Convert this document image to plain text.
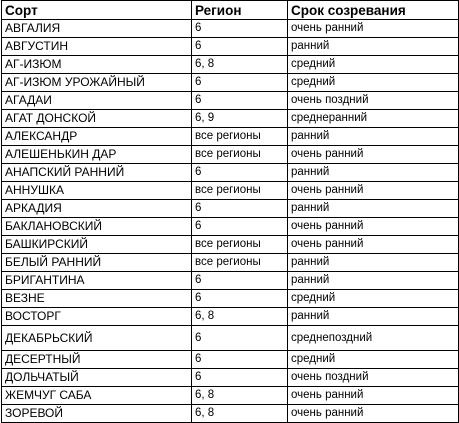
Сорт	Регион	Срок созревания
АВГАЛИЯ	6	очень ранний
АВГУСТИН	6	ранний
АГ-ИЗЮМ	6, 8	средний
АГ-ИЗЮМ УРОЖАЙНЫЙ	6	средний
АГАДАИ	6	очень поздний
АГАТ ДОНСКОЙ	6, 9	среднеранний
АЛЕКСАНДР	все регионы	ранний
АЛЕШЕНЬКИН ДАР	все регионы	очень ранний
АНАПСКИЙ РАННИЙ	6	ранний
АННУШКА	все регионы	очень ранний
АРКАДИЯ	6	ранний
БАКЛАНОВСКИЙ	6	очень ранний
БАШКИРСКИЙ	все регионы	очень ранний
БЕЛЫЙ РАННИЙ	все регионы	ранний
БРИГАНТИНА	6	ранний
ВЕЗНЕ	6	средний
ВОСТОРГ	6, 8	ранний
ДЕКАБРЬСКИЙ	6	среднепоздний
ДЕСЕРТНЫЙ	6	средний
ДОЛЬЧАТЫЙ	6	очень поздний
ЖЕМЧУГ САБА	6, 8	очень ранний
ЗОРЕВОЙ	6, 8	очень ранний
